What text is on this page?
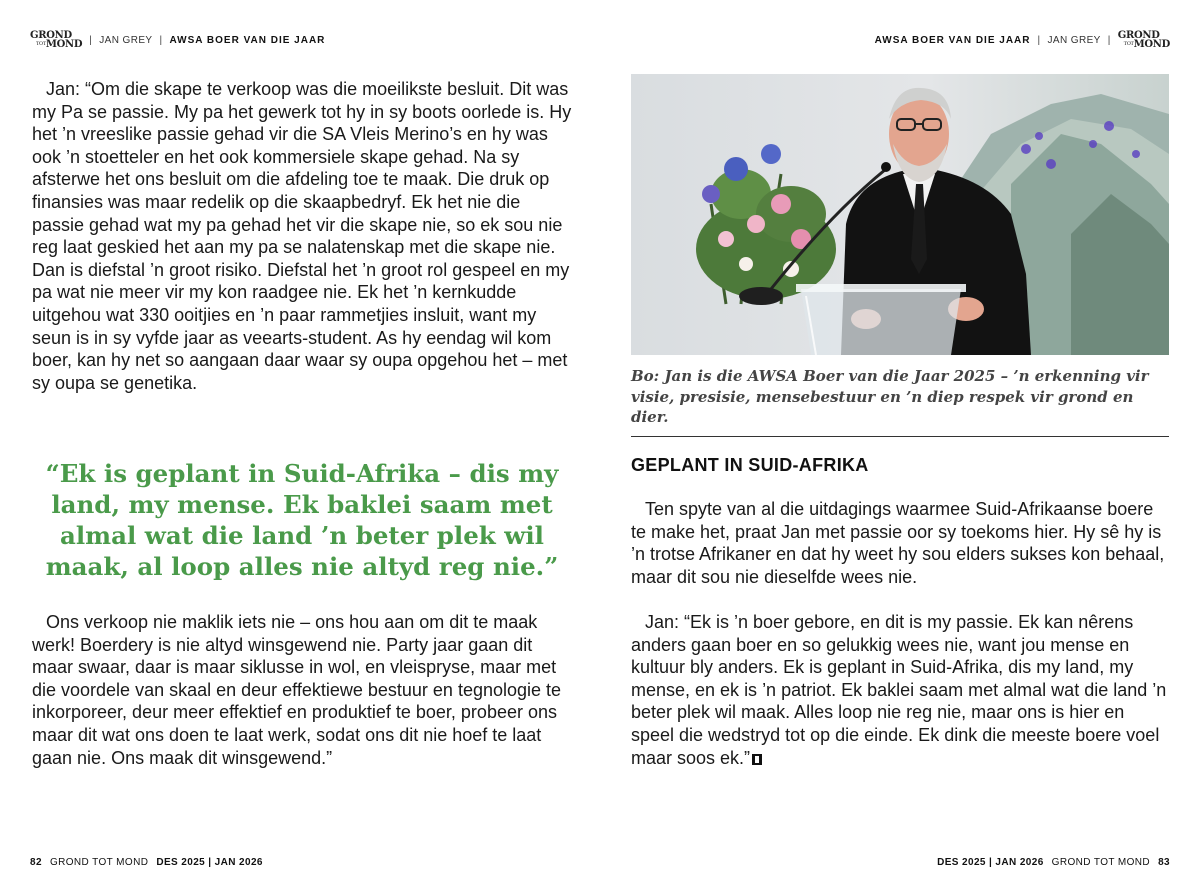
GROND
TOTMOND | JAN GREY | AWSA BOER VAN DIE JAAR	AWSA BOER VAN DIE JAAR | JAN GREY | GROND
TOTMOND

Jan: “Om die skape te verkoop was die moeilikste besluit. Dit was my Pa se passie. My pa het gewerk tot hy in sy boots oorlede is. Hy het ’n vreeslike passie gehad vir die SA Vleis Merino’s en hy was ook ’n stoetteler en het ook kommersiele skape gehad. Na sy afsterwe het ons besluit om die afdeling toe te maak. Die druk op finansies was maar redelik op die skaapbedryf. Ek het nie die passie gehad wat my pa gehad het vir die skape nie, so ek sou nie reg laat geskied het aan my pa se nalatenskap met die skape nie. Dan is diefstal ’n groot risiko. Diefstal het ’n groot rol gespeel en my pa wat nie meer vir my kon raadgee nie. Ek het ’n kernkudde uitgehou wat 330 ooitjies en ’n paar rammetjies insluit, want my seun is in sy vyfde jaar as veearts-student. As hy eendag wil kom boer, kan hy net so aangaan daar waar sy oupa opgehou het – met sy oupa se genetika.

“Ek is geplant in Suid-Afrika – dis my land, my mense. Ek baklei saam met almal wat die land ’n beter plek wil maak, al loop alles nie altyd reg nie.”

Ons verkoop nie maklik iets nie – ons hou aan om dit te maak werk! Boerdery is nie altyd winsgewend nie. Party jaar gaan dit maar swaar, daar is maar siklusse in wol, en vleispryse, maar met die voordele van skaal en deur effektiewe bestuur en tegnologie te inkorporeer, deur meer effektief en produktief te boer, probeer ons maar dit wat ons doen te laat werk, sodat ons dit nie hoef te laat gaan nie. Ons maak dit winsgewend.”

Bo: Jan is die AWSA Boer van die Jaar 2025 – ’n erkenning vir visie, presisie, mensebestuur en ’n diep respek vir grond en dier.

GEPLANT IN SUID-AFRIKA

Ten spyte van al die uitdagings waarmee Suid-Afrikaanse boere te make het, praat Jan met passie oor sy toekoms hier. Hy sê hy is ’n trotse Afrikaner en dat hy weet hy sou elders sukses kon behaal, maar dit sou nie dieselfde wees nie.

Jan: “Ek is ’n boer gebore, en dit is my passie. Ek kan nêrens anders gaan boer en so gelukkig wees nie, want jou mense en kultuur bly anders. Ek is geplant in Suid-Afrika, dis my land, my mense, en ek is ’n patriot. Ek baklei saam met almal wat die land ’n beter plek wil maak. Alles loop nie reg nie, maar ons is hier en speel die wedstryd tot op die einde. Ek dink die meeste boere voel maar soos ek.”

82 GROND TOT MOND DES 2025 | JAN 2026	DES 2025 | JAN 2026 GROND TOT MOND 83
